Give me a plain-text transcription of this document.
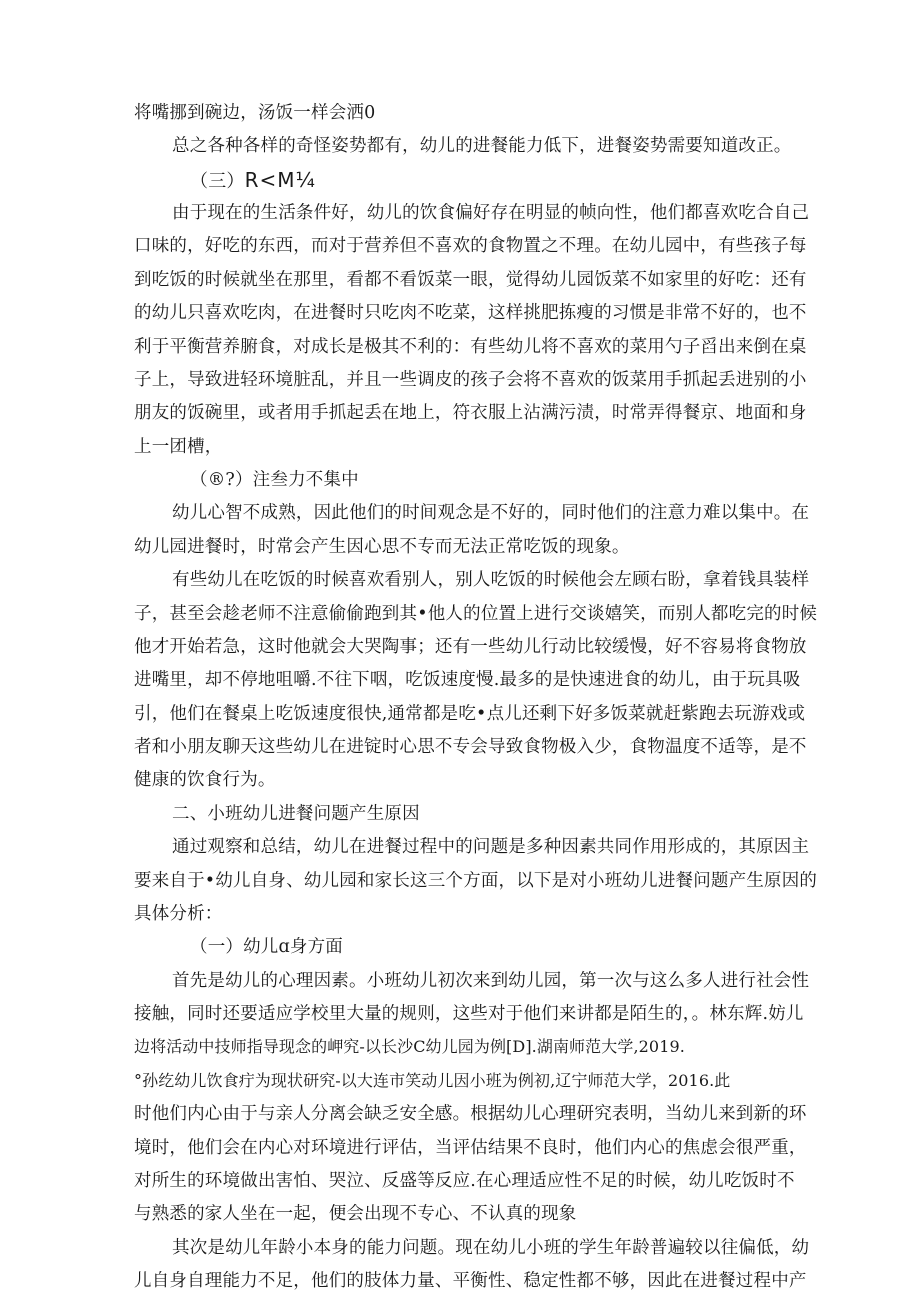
将嘴挪到碗边，汤饭一样会洒0
总之各种各样的奇怪姿势都有，幼儿的进餐能力低下，进餐姿势需要知道改正。
（三）R<M¼
由于现在的生活条件好，幼儿的饮食偏好存在明显的帧向性，他们都喜欢吃合自己
口味的，好吃的东西，而对于营养但不喜欢的食物置之不理。在幼儿园中，有些孩子每
到吃饭的时候就坐在那里，看都不看饭菜一眼，觉得幼儿园饭菜不如家里的好吃：还有
的幼儿只喜欢吃肉，在进餐时只吃肉不吃菜，这样挑肥拣瘦的习惯是非常不好的，也不
利于平衡营养腑食，对成长是极其不利的：有些幼儿将不喜欢的菜用勺子舀出来倒在桌
子上，导致进轻环境脏乱，并且一些调皮的孩子会将不喜欢的饭菜用手抓起丢进别的小
朋友的饭碗里，或者用手抓起丢在地上，符衣服上沾满污渍，时常弄得餐京、地面和身
上一团槽，
（®?）注叁力不集中
幼儿心智不成熟，因此他们的时间观念是不好的，同时他们的注意力难以集中。在
幼儿园进餐时，时常会产生因心思不专而无法正常吃饭的现象。
有些幼儿在吃饭的时候喜欢看别人，别人吃饭的时候他会左顾右盼，拿着钱具装样
子，甚至会趁老师不注意偷偷跑到其•他人的位置上进行交谈嬉笑，而别人都吃完的时候
他才开始若急，这时他就会大哭陶事；还有一些幼儿行动比较缓慢，好不容易将食物放
进嘴里，却不停地咀嚼.不往下咽，吃饭速度慢.最多的是快速进食的幼儿，由于玩具吸
引，他们在餐桌上吃饭速度很快,通常都是吃•点儿还剩下好多饭菜就赶紫跑去玩游戏或
者和小朋友聊天这些幼儿在进锭时心思不专会导致食物极入少，食物温度不适等，是不
健康的饮食行为。
二、小班幼儿进餐问题产生原因
通过观察和总结，幼儿在进餐过程中的问题是多种因素共同作用形成的，其原因主
要来自于•幼儿自身、幼儿园和家长这三个方面，以下是对小班幼儿进餐问题产生原因的
具体分析：
（一）幼儿ɑ身方面
首先是幼儿的心理因素。小班幼儿初次来到幼儿园，第一次与这么多人进行社会性
接触，同时还要适应学校里大量的规则，这些对于他们来讲都是陌生的，。林东辉.妨儿
边将活动中技师指导现念的岬究-以长沙C幼儿园为例[D].湖南师范大学,2019.
°孙纥幼儿饮食疔为现状研究-以大连市笑动儿因小班为例初,辽宁师范大学，2016.此
时他们内心由于与亲人分离会缺乏安全感。根据幼儿心理研究表明，当幼儿来到新的环
境时，他们会在内心对环境进行评估，当评估结果不良时，他们内心的焦虑会很严重，
对所生的环境做出害怕、哭泣、反盛等反应.在心理适应性不足的时候，幼儿吃饭时不
与熟悉的家人坐在一起，便会出现不专心、不认真的现象
其次是幼儿年龄小本身的能力问题。现在幼儿小班的学生年龄普遍较以往偏低，幼
儿自身自理能力不足，他们的肢体力量、平衡性、稳定性都不够，因此在进餐过程中产
